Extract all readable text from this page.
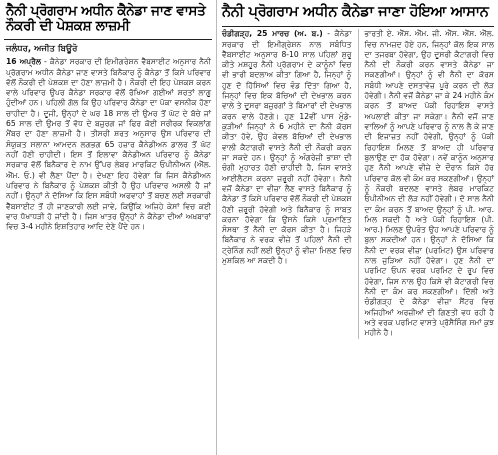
ਨੈਨੀ ਪ੍ਰੋਗਰਾਮ ਅਧੀਨ ਕੈਨੇਡਾ ਜਾਣ ਵਾਸਤੇ ਨੌਕਰੀ ਦੀ ਪੇਸ਼ਕਸ਼ ਲਾਜ਼ਮੀ
ਜਲੰਧਰ, ਅਜੀਤ ਬਿਊਰੋ

16 ਅਪ੍ਰੈਲ - ਕੈਨੇਡਾ ਸਰਕਾਰ ਦੀ ਇਮੀਗਰੇਸ਼ਨ ਵੈੱਬਸਾਈਟ ਅਨੁਸਾਰ ਨੈਨੀ ਪ੍ਰੋਗਰਾਮ ਅਧੀਨ ਕੈਨੇਡਾ ਜਾਣ ਵਾਸਤੇ ਬਿਨੈਕਾਰ ਨੂੰ ਕੈਨੇਡਾ ਤੋਂ ਕਿਸੇ ਪਰਿਵਾਰ ਵੱਲੋਂ ਨੌਕਰੀ ਦੀ ਪੇਸ਼ਕਸ਼ ਦਾ ਹੋਣਾ ਲਾਜ਼ਮੀ ਹੈ। ਨੌਕਰੀ ਦੀ ਇਹ ਪੇਸ਼ਕਸ਼ ਕਰਨ ਵਾਲੇ ਪਰਿਵਾਰ ਉਪਰ ਕੈਨੇਡਾ ਸਰਕਾਰ ਵੱਲੋਂ ਰੱਖਿਆ ਗਈਆਂ ਸ਼ਰਤਾਂ ਲਾਗੂ ਹੁੰਦੀਆਂ ਹਨ। ਪਹਿਲੀ ਗੱਲ ਕਿ ਉਹ ਪਰਿਵਾਰ ਕੈਨੇਡਾ ਦਾ ਪੱਕਾ ਵਸਨੀਕ ਹੋਣਾ ਚਾਹੀਦਾ ਹੈ। ਦੂਜੀ, ਉਨ੍ਹਾਂ ਦੇ ਘਰ 18 ਸਾਲ ਦੀ ਉਮਰ ਤੋਂ ਘੱਟ ਦੇ ਬੱਚੇ ਜਾਂ 65 ਸਾਲ ਦੀ ਉਮਰ ਤੋਂ ਵੱਧ ਦੇ ਬਜ਼ੁਰਗ ਜਾਂ ਫਿਰ ਕੋਈ ਸਰੀਰਕ ਵਿਕਲਾਂਗ ਮੈਂਬਰ ਦਾ ਹੋਣਾ ਲਾਜ਼ਮੀ ਹੈ। ਤੀਸਰੀ ਸ਼ਰਤ ਅਨੁਸਾਰ ਉਸ ਪਰਿਵਾਰ ਦੀ ਸੰਯੁਕਤ ਸਲਾਨਾ ਆਮਦਨ ਲਗਭਗ 65 ਹਜ਼ਾਰ ਕੈਨੇਡੀਅਨ ਡਾਲਰ ਤੋਂ ਘੱਟ ਨਹੀਂ ਹੋਣੀ ਚਾਹੀਦੀ। ਇਸ ਤੋਂ ਇਲਾਵਾ ਕੈਨੇਡੀਅਨ ਪਰਿਵਾਰ ਨੂੰ ਕੈਨੇਡਾ ਸਰਕਾਰ ਵੱਲੋਂ ਬਿਨੈਕਾਰ ਦੇ ਨਾਮ ਉੱਪਰ ਲੇਬਰ ਮਾਰਕਿਟ ਓਪੀਨੀਅਨ (ਐੱਲ. ਐੱਮ. ਓ.) ਵੀ ਲੈਣਾ ਪੈਂਦਾ ਹੈ। ਦੇਖਣਾ ਇਹ ਹੋਵੇਗਾ ਕਿ ਜਿਸ ਕੈਨੇਡੀਅਨ ਪਰਿਵਾਰ ਨੇ ਬਿਨੈਕਾਰ ਨੂੰ ਪੇਸ਼ਕਸ਼ ਕੀਤੀ ਹੈ ਉਹ ਪਰਿਵਾਰ ਅਸਲੀ ਹੈ ਜਾਂ ਨਹੀਂ। ਉਨ੍ਹਾਂ ਨੇ ਦੱਸਿਆ ਕਿ ਇਸ ਸਬੰਧੀ ਅਫਵਾਹਾਂ ਤੋਂ ਬਚਣ ਲਈ ਸਰਕਾਰੀ ਵੈੱਬਸਾਈਟ ਤੋਂ ਹੀ ਜਾਣਕਾਰੀ ਲਈ ਜਾਵੇ, ਕਿਉਂਕਿ ਅਜਿਹੇ ਕੇਸਾਂ ਵਿਚ ਕਈ ਵਾਰ ਧੋਖਾਧੜੀ ਹੋ ਜਾਂਦੀ ਹੈ। ਜਿਸ ਖਾਤਰ ਉਨ੍ਹਾਂ ਨੇ ਕੈਨੇਡਾ ਦੀਆਂ ਅਖ਼ਬਾਰਾਂ ਵਿਚ 3-4 ਮਹੀਨੇ ਇਸ਼ਤਿਹਾਰ ਆਦਿ ਦੇਣੇ ਪੈਂਦੇ ਹਨ।

ਨੈਨੀ ਪ੍ਰੋਗਰਾਮ ਅਧੀਨ ਕੈਨੇਡਾ ਜਾਣਾ ਹੋਇਆ ਆਸਾਨ

ਚੰਡੀਗੜ੍ਹ, 25 ਮਾਰਚ (ਅ. ਬ.) - ਕੈਨੇਡਾ ਸਰਕਾਰ ਦੀ ਇਮੀਗ੍ਰੇਸ਼ਨ ਨਾਲ ਸਬੰਧਿਤ ਵੈੱਬਸਾਈਟ ਅਨੁਸਾਰ 8-10 ਸਾਲ ਪਹਿਲਾਂ ਸ਼ੁਰੂ ਕੀਤੇ ਮਸ਼ਹੂਰ ਨੈਨੀ ਪ੍ਰੋਗਰਾਮ ਦੇ ਕਾਨੂੰਨਾਂ ਵਿਚ ਵੀ ਭਾਰੀ ਬਦਲਾਅ ਕੀਤਾ ਗਿਆ ਹੈ, ਜਿਨ੍ਹਾਂ ਨੂੰ ਹੁਣ ਦੋ ਹਿੱਸਿਆਂ ਵਿਚ ਵੰਡ ਦਿੱਤਾ ਗਿਆ ਹੈ, ਜਿਨ੍ਹਾਂ ਵਿਚ ਇਕ ਬੱਚਿਆਂ ਦੀ ਦੇਖਭਾਲ ਕਰਨ ਵਾਲੇ ਤੇ ਦੂਸਰਾ ਬਜ਼ੁਰਗਾਂ ਤੇ ਬਿਮਾਰਾਂ ਦੀ ਦੇਖਭਾਲ ਕਰਨ ਵਾਲੇ ਹੋਣਗੇ। ਹੁਣ 12ਵੀਂ ਪਾਸ ਮੁੰਡੇ-ਕੁੜੀਆਂ ਜਿਨ੍ਹਾਂ ਨੇ 6 ਮਹੀਨੇ ਦਾ ਨੈਨੀ ਕੋਰਸ ਕੀਤਾ ਹੋਵੇ, ਉਹ ਕੇਵਲ ਬੱਚਿਆਂ ਦੀ ਦੇਖਭਾਲ ਵਾਲੀ ਕੈਟਾਗਰੀ ਵਾਸਤੇ ਨੈਨੀ ਦੀ ਨੌਕਰੀ ਕਰਨ ਜਾ ਸਕਦੇ ਹਨ। ਉਨ੍ਹਾਂ ਨੂੰ ਅੰਗਰੇਜ਼ੀ ਭਾਸ਼ਾ ਦੀ ਚੰਗੀ ਮੁਹਾਰਤ ਹੋਣੀ ਚਾਹੀਦੀ ਹੈ, ਜਿਸ ਵਾਸਤੇ ਆਈਲੈਟਸ ਕਰਨਾ ਜ਼ਰੂਰੀ ਨਹੀਂ ਹੋਵੇਗਾ। ਨੈਨੀ ਵਜੋਂ ਕੈਨੇਡਾ ਦਾ ਵੀਜ਼ਾ ਲੈਣ ਵਾਸਤੇ ਬਿਨੈਕਾਰ ਨੂੰ ਕੈਨੇਡਾ ਤੋਂ ਕਿਸੇ ਪਰਿਵਾਰ ਵੱਲੋਂ ਨੌਕਰੀ ਦੀ ਪੇਸ਼ਕਸ਼ ਹੋਣੀ ਜ਼ਰੂਰੀ ਹੋਵੇਗੀ ਅਤੇ ਬਿਨੈਕਾਰ ਨੂੰ ਸਾਬਤ ਕਰਨਾ ਹੋਵੇਗਾ ਕਿ ਉਸਨੇ ਕਿਸੇ ਪ੍ਰਮਾਣਿਤ ਸੰਸਥਾ ਤੋਂ ਨੈਨੀ ਦਾ ਕੋਰਸ ਕੀਤਾ ਹੈ। ਜਿਹੜੇ ਬਿਨੈਕਾਰ ਨੇ ਵਰਕ ਵੀਜ਼ੇ ਤੋਂ ਪਹਿਲਾਂ ਨੈਨੀ ਦੀ ਟ੍ਰੇਨਿੰਗ ਨਹੀਂ ਲਈ ਉਨ੍ਹਾਂ ਨੂੰ ਵੀਜ਼ਾ ਮਿਲਣ ਵਿਚ ਮੁਸ਼ਕਿਲ ਆ ਸਕਦੀ ਹੈ।

ਭਾਰਤੀ ਏ. ਐੱਸ. ਐੱਮ. ਜੀ. ਐੱਸ. ਐੱਸ. ਐੱਲ. ਵਿਚ ਨਾਮਜ਼ਦ ਹੋਏ ਹਨ, ਜਿਨ੍ਹਾਂ ਕੋਲ ਇਕ ਸਾਲ ਦਾ ਤਜਰਬਾ ਹੋਵੇਗਾ, ਉਹ ਦੂਸਰੀ ਕੈਟਾਗਰੀ ਵਿਚ ਨੈਨੀ ਦੀ ਨੌਕਰੀ ਕਰਨ ਵਾਸਤੇ ਕੈਨੇਡਾ ਜਾ ਸਕਣਗੀਆਂ। ਉਨ੍ਹਾਂ ਨੂੰ ਵੀ ਨੈਨੀ ਦਾ ਕੋਰਸ ਸਬੰਧੀ ਆਪਣੇ ਦਸਤਾਵੇਜ਼ ਪੂਰੇ ਕਰਨ ਦੀ ਲੋੜ ਹੋਵੇਗੀ। ਨੈਨੀ ਵਜੋਂ ਕੈਨੇਡਾ ਜਾ ਕੇ 24 ਮਹੀਨੇ ਕੰਮ ਕਰਨ ਤੋਂ ਬਾਅਦ ਪੱਕੀ ਰਿਹਾਇਸ਼ ਵਾਸਤੇ ਅਪਲਾਈ ਕੀਤਾ ਜਾ ਸਕੇਗਾ। ਨੈਨੀ ਵਜੋਂ ਜਾਣ ਵਾਲਿਆਂ ਨੂੰ ਆਪਣੇ ਪਰਿਵਾਰ ਨੂੰ ਨਾਲ ਲੈ ਕੇ ਜਾਣ ਦੀ ਇਜਾਜ਼ਤ ਨਹੀਂ ਹੋਵੇਗੀ, ਉਨ੍ਹਾਂ ਨੂੰ ਪੱਕੀ ਰਿਹਾਇਸ਼ ਮਿਲਣ ਤੋਂ ਬਾਅਦ ਹੀ ਪਰਿਵਾਰ ਬੁਲਾਉਣ ਦਾ ਹੱਕ ਹੋਵੇਗਾ। ਨਵੇਂ ਕਾਨੂੰਨ ਅਨੁਸਾਰ ਹੁਣ ਨੈਨੀ ਆਪਣੇ ਵੀਜ਼ੇ ਦੇ ਦੌਰਾਨ ਕਿਸੇ ਹੋਰ ਪਰਿਵਾਰ ਕੋਲ ਵੀ ਕੰਮ ਕਰ ਸਕਣਗੀਆਂ। ਉਨ੍ਹਾਂ ਨੂੰ ਨੌਕਰੀ ਬਦਲਣ ਵਾਸਤੇ ਲੇਬਰ ਮਾਰਕਿਟ ਓਪੀਨੀਅਨ ਦੀ ਲੋੜ ਨਹੀਂ ਹੋਵੇਗੀ। ਦੋ ਸਾਲ ਨੈਨੀ ਦਾ ਕੰਮ ਕਰਨ ਤੋਂ ਬਾਅਦ ਉਨ੍ਹਾਂ ਨੂੰ ਪੀ. ਆਰ. ਮਿਲ ਸਕਦੀ ਹੈ ਅਤੇ ਪੱਕੀ ਰਿਹਾਇਸ਼ (ਪੀ. ਆਰ.) ਮਿਲਣ ਉਪਰੰਤ ਉਹ ਆਪਣੇ ਪਰਿਵਾਰ ਨੂੰ ਬੁਲਾ ਸਕਦੀਆਂ ਹਨ। ਉਨ੍ਹਾਂ ਨੇ ਦੱਸਿਆ ਕਿ ਨੈਨੀ ਦਾ ਵਰਕ ਵੀਜ਼ਾ (ਪਰਮਿਟ) ਉਸ ਪਰਿਵਾਰ ਨਾਲ ਜੁੜਿਆ ਨਹੀਂ ਹੋਵੇਗਾ। ਹੁਣ ਨੈਨੀ ਦਾ ਪਰਮਿਟ ਓਪਨ ਵਰਕ ਪਰਮਿਟ ਦੇ ਰੂਪ ਵਿਚ ਹੋਵੇਗਾ, ਜਿਸ ਨਾਲ ਉਹ ਕਿਸੇ ਵੀ ਕੈਟਾਗਰੀ ਵਿਚ ਨੈਨੀ ਦਾ ਕੰਮ ਕਰ ਸਕਣਗੀਆਂ। ਦਿੱਲੀ ਅਤੇ ਚੰਡੀਗੜ੍ਹ ਦੇ ਕੈਨੇਡਾ ਵੀਜ਼ਾ ਸੈਂਟਰ ਵਿਚ ਅਜਿਹੀਆਂ ਅਰਜ਼ੀਆਂ ਦੀ ਗਿਣਤੀ ਵਧ ਰਹੀ ਹੈ ਅਤੇ ਵਰਕ ਪਰਮਿਟ ਵਾਸਤੇ ਪ੍ਰੋਸੈਸਿੰਗ ਸਮਾਂ ਕੁਝ ਮਹੀਨੇ ਹੈ।
